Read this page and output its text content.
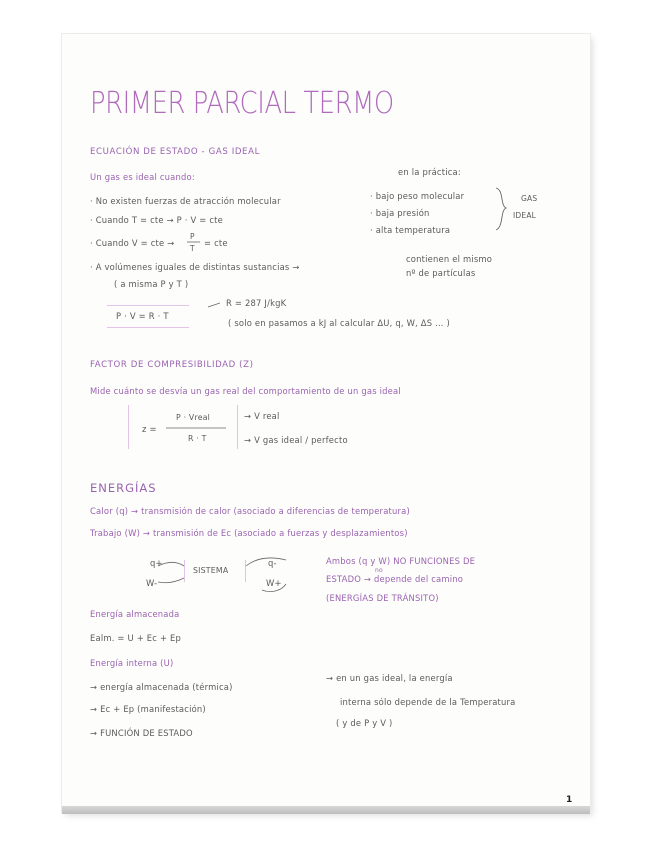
PRIMER PARCIAL TERMO
ECUACIÓN DE ESTADO - GAS IDEAL
Un gas es ideal cuando:
· No existen fuerzas de atracción molecular
· Cuando T = cte → P · V = cte
· Cuando V = cte →
P
T
= cte
· A volúmenes iguales de distintas sustancias →
( a misma P y T )
contienen el mismo
nº de partículas
en la práctica:
· bajo peso molecular
· baja presión
· alta temperatura
GAS
IDEAL
P · V = R · T
R = 287 J/kgK
( solo en pasamos a kJ al calcular ΔU, q, W, ΔS ... )
FACTOR DE COMPRESIBILIDAD (Z)
Mide cuánto se desvía un gas real del comportamiento de un gas ideal
z =
P · Vreal
R · T
→ V real
→ V gas ideal / perfecto
ENERGÍAS
Calor (q) → transmisión de calor (asociado a diferencias de temperatura)
Trabajo (W) → transmisión de Ec (asociado a fuerzas y desplazamientos)
SISTEMA
q+
W-
q-
W+
Ambos (q y W) NO FUNCIONES DE
ESTADO → depende del camino
no
(ENERGÍAS DE TRÁNSITO)
Energía almacenada
Ealm. = U + Ec + Ep
Energía interna (U)
→ energía almacenada (térmica)
→ Ec + Ep (manifestación)
→ FUNCIÓN DE ESTADO
→ en un gas ideal, la energía
interna sólo depende de la Temperatura
( y de P y V )
1
